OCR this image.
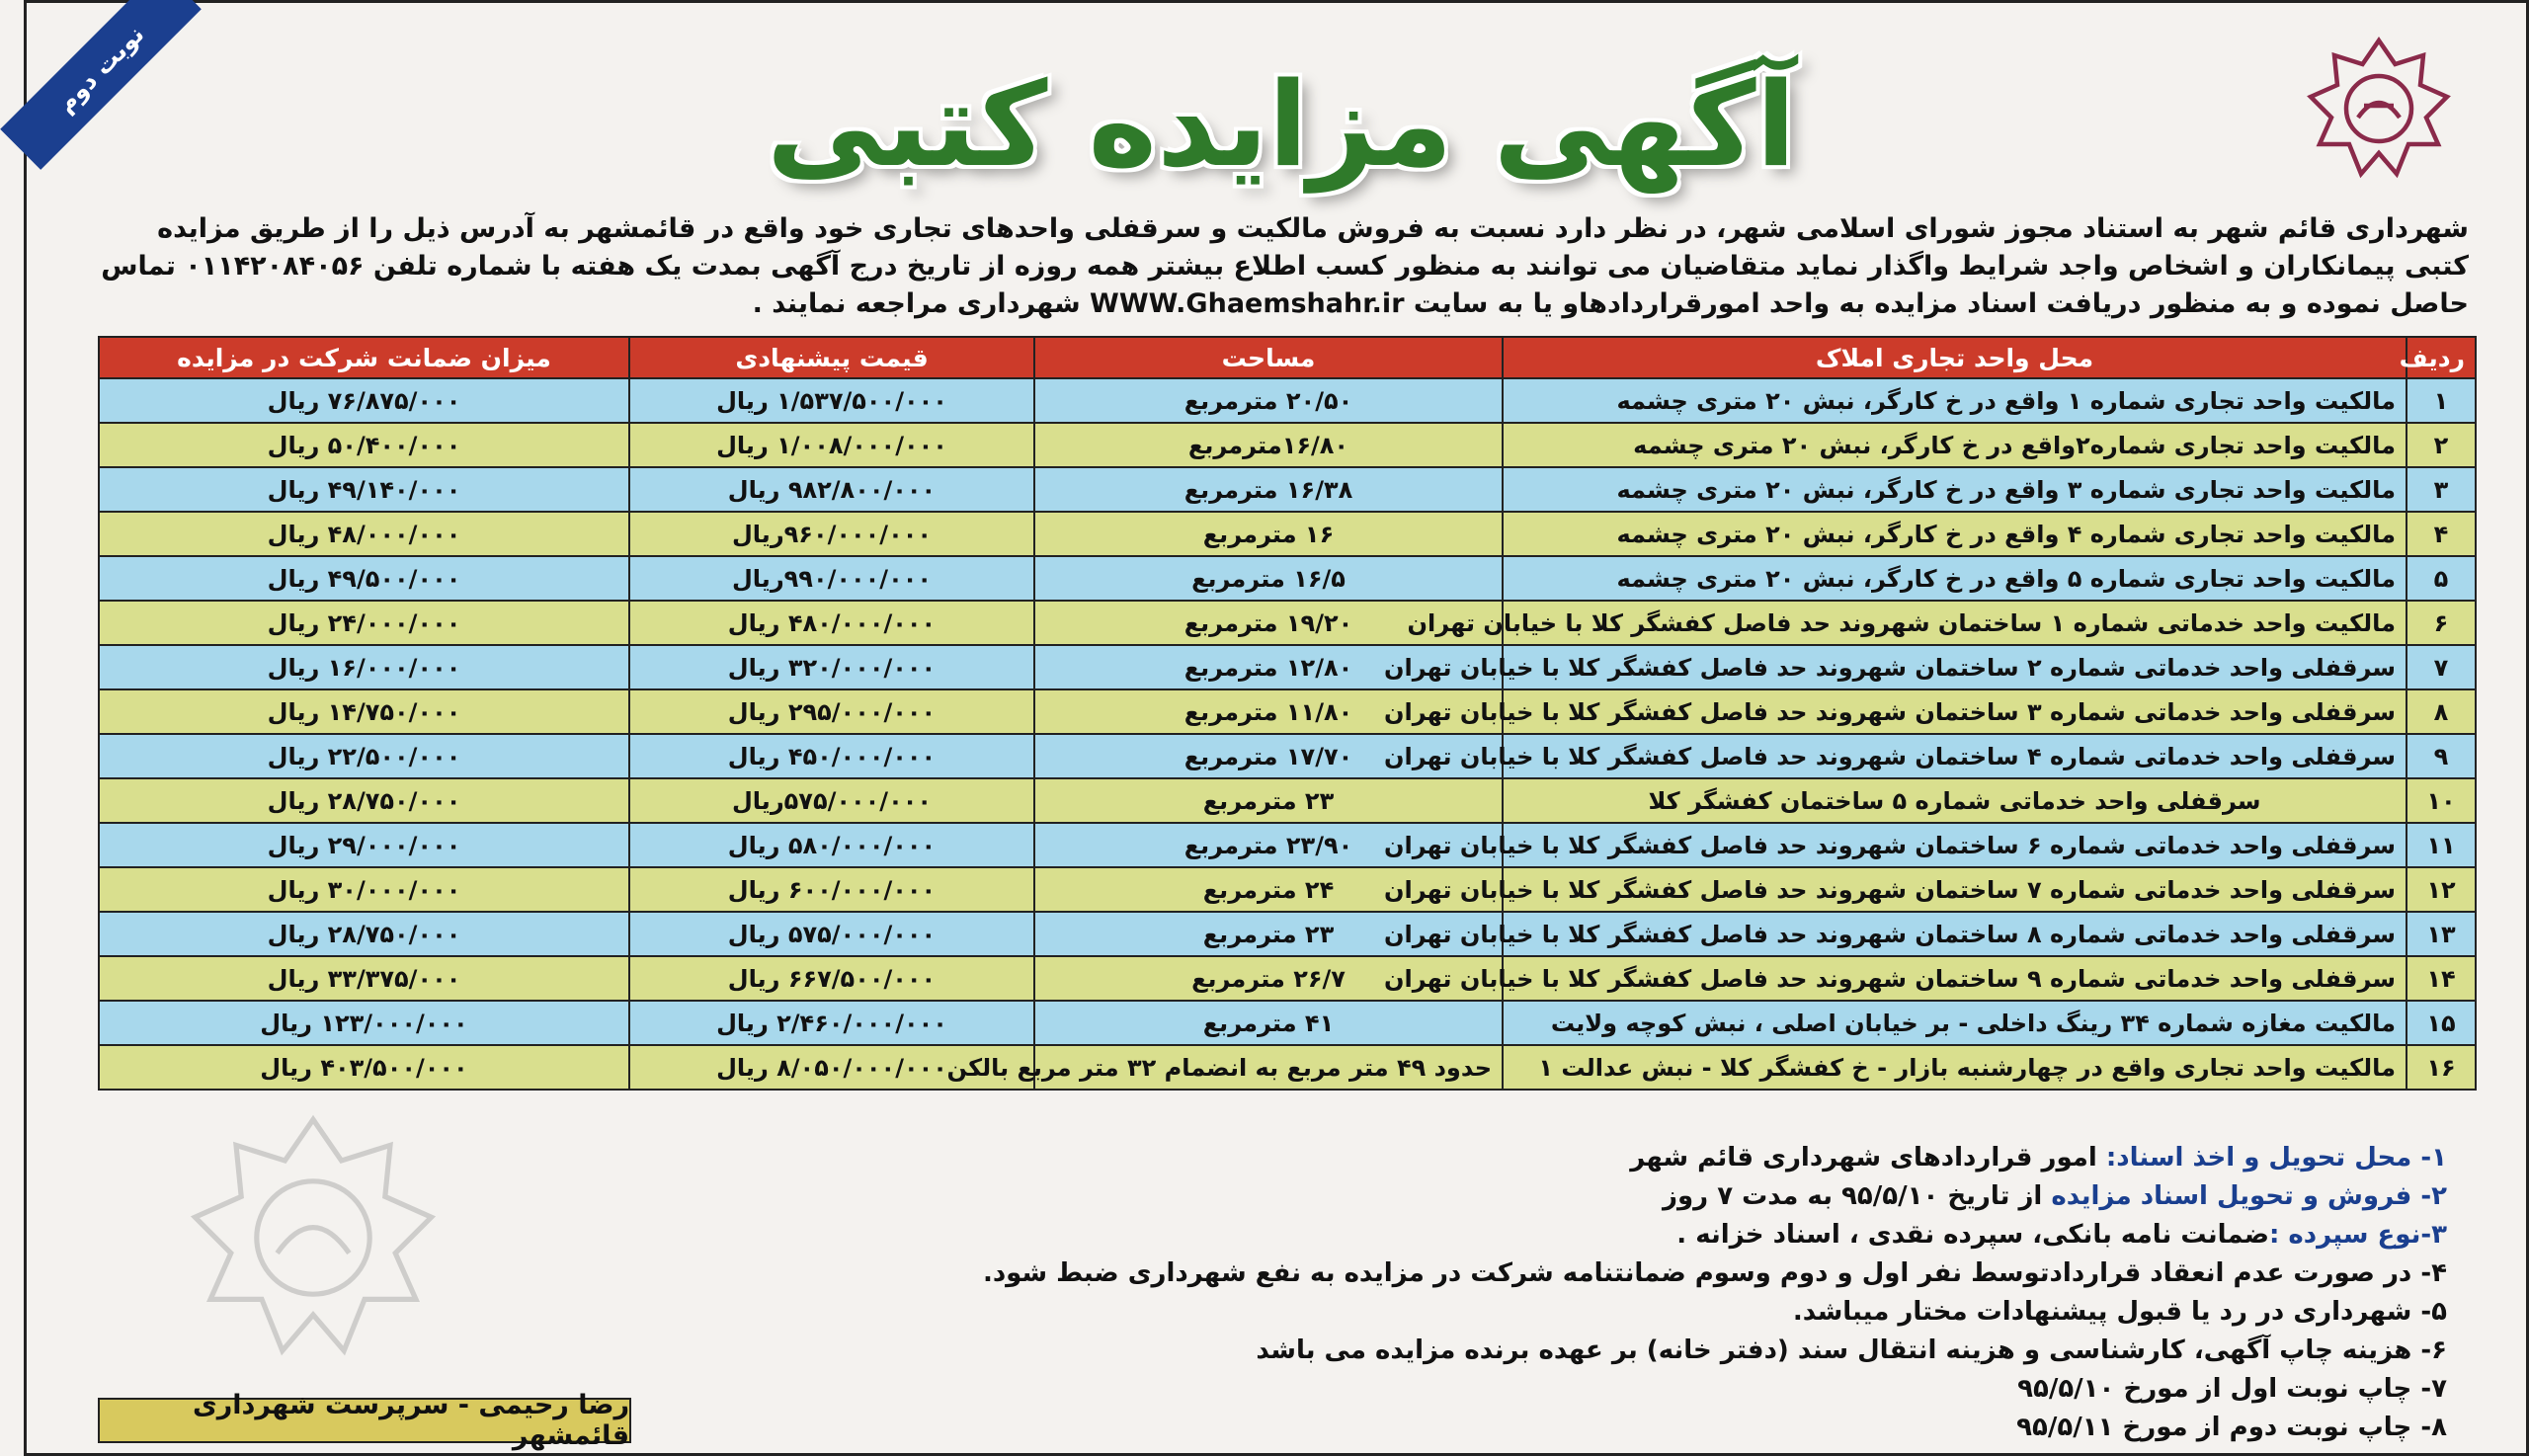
نوبت دوم	آگهی مزایده کتبی
شهرداری قائم شهر به استناد مجوز شورای اسلامی شهر، در نظر دارد نسبت به فروش مالکیت و سرقفلی واحدهای تجاری خود واقع در قائمشهر به آدرس ذیل را از طریق مزایده کتبی پیمانکاران و اشخاص واجد شرایط واگذار نماید متقاضیان می توانند به منظور کسب اطلاع بیشتر همه روزه از تاریخ درج آگهی بمدت یک هفته با شماره تلفن ۰۱۱۴۲۰۸۴۰۵۶ تماس حاصل نموده و به منظور دریافت اسناد مزایده به واحد امورقراردادهاو یا به سایت WWW.Ghaemshahr.ir شهرداری مراجعه نمایند .
ردیف	محل واحد تجاری املاک	مساحت	قیمت پیشنهادی	میزان ضمانت شرکت در مزایده
۱	مالکیت واحد تجاری شماره ۱ واقع در خ کارگر، نبش ۲۰ متری چشمه	۲۰/۵۰ مترمربع	۱/۵۳۷/۵۰۰/۰۰۰ ریال	۷۶/۸۷۵/۰۰۰ ریال
۲	مالکیت واحد تجاری شماره۲واقع در خ کارگر، نبش ۲۰ متری چشمه	۱۶/۸۰مترمربع	۱/۰۰۸/۰۰۰/۰۰۰ ریال	۵۰/۴۰۰/۰۰۰ ریال
۳	مالکیت واحد تجاری شماره ۳ واقع در خ کارگر، نبش ۲۰ متری چشمه	۱۶/۳۸ مترمربع	۹۸۲/۸۰۰/۰۰۰ ریال	۴۹/۱۴۰/۰۰۰ ریال
۴	مالکیت واحد تجاری شماره ۴ واقع در خ کارگر، نبش ۲۰ متری چشمه	۱۶ مترمربع	۹۶۰/۰۰۰/۰۰۰ریال	۴۸/۰۰۰/۰۰۰ ریال
۵	مالکیت واحد تجاری شماره ۵ واقع در خ کارگر، نبش ۲۰ متری چشمه	۱۶/۵ مترمربع	۹۹۰/۰۰۰/۰۰۰ریال	۴۹/۵۰۰/۰۰۰ ریال
۶	مالکیت واحد خدماتی شماره ۱ ساختمان شهروند حد فاصل کفشگر کلا با خیابان تهران	۱۹/۲۰ مترمربع	۴۸۰/۰۰۰/۰۰۰ ریال	۲۴/۰۰۰/۰۰۰ ریال
۷	سرقفلی واحد خدماتی شماره ۲ ساختمان شهروند حد فاصل کفشگر کلا با خیابان تهران	۱۲/۸۰ مترمربع	۳۲۰/۰۰۰/۰۰۰ ریال	۱۶/۰۰۰/۰۰۰ ریال
۸	سرقفلی واحد خدماتی شماره ۳ ساختمان شهروند حد فاصل کفشگر کلا با خیابان تهران	۱۱/۸۰ مترمربع	۲۹۵/۰۰۰/۰۰۰ ریال	۱۴/۷۵۰/۰۰۰ ریال
۹	سرقفلی واحد خدماتی شماره ۴ ساختمان شهروند حد فاصل کفشگر کلا با خیابان تهران	۱۷/۷۰ مترمربع	۴۵۰/۰۰۰/۰۰۰ ریال	۲۲/۵۰۰/۰۰۰ ریال
۱۰	سرقفلی واحد خدماتی شماره ۵ ساختمان کفشگر کلا	۲۳ مترمربع	۵۷۵/۰۰۰/۰۰۰ریال	۲۸/۷۵۰/۰۰۰ ریال
۱۱	سرقفلی واحد خدماتی شماره ۶ ساختمان شهروند حد فاصل کفشگر کلا با خیابان تهران	۲۳/۹۰ مترمربع	۵۸۰/۰۰۰/۰۰۰ ریال	۲۹/۰۰۰/۰۰۰ ریال
۱۲	سرقفلی واحد خدماتی شماره ۷ ساختمان شهروند حد فاصل کفشگر کلا با خیابان تهران	۲۴ مترمربع	۶۰۰/۰۰۰/۰۰۰ ریال	۳۰/۰۰۰/۰۰۰ ریال
۱۳	سرقفلی واحد خدماتی شماره ۸ ساختمان شهروند حد فاصل کفشگر کلا با خیابان تهران	۲۳ مترمربع	۵۷۵/۰۰۰/۰۰۰ ریال	۲۸/۷۵۰/۰۰۰ ریال
۱۴	سرقفلی واحد خدماتی شماره ۹ ساختمان شهروند حد فاصل کفشگر کلا با خیابان تهران	۲۶/۷ مترمربع	۶۶۷/۵۰۰/۰۰۰ ریال	۳۳/۳۷۵/۰۰۰ ریال
۱۵	مالکیت مغازه شماره ۳۴ رینگ داخلی - بر خیابان اصلی ، نبش کوچه ولایت	۴۱ مترمربع	۲/۴۶۰/۰۰۰/۰۰۰ ریال	۱۲۳/۰۰۰/۰۰۰ ریال
۱۶	مالکیت واحد تجاری واقع در چهارشنبه بازار - خ کفشگر کلا - نبش عدالت ۱	حدود ۴۹ متر مربع به انضمام ۳۲ متر مربع بالکن	۸/۰۵۰/۰۰۰/۰۰۰ ریال	۴۰۳/۵۰۰/۰۰۰ ریال
۱- محل تحویل و اخذ اسناد: امور قراردادهای شهرداری قائم شهر
۲- فروش و تحویل اسناد مزایده از تاریخ ۹۵/۵/۱۰ به مدت ۷ روز
۳-نوع سپرده :ضمانت نامه بانکی، سپرده نقدی ، اسناد خزانه .
۴- در صورت عدم انعقاد قراردادتوسط نفر اول و دوم وسوم ضمانتنامه شرکت در مزایده به نفع شهرداری ضبط شود.
۵- شهرداری در رد یا قبول پیشنهادات مختار میباشد.
۶- هزینه چاپ آگهی، کارشناسی و هزینه انتقال سند (دفتر خانه) بر عهده برنده مزایده می باشد
۷- چاپ نوبت اول از مورخ ۹۵/۵/۱۰
۸- چاپ نوبت دوم از مورخ ۹۵/۵/۱۱
رضا رحیمی - سرپرست شهرداری قائمشهر
